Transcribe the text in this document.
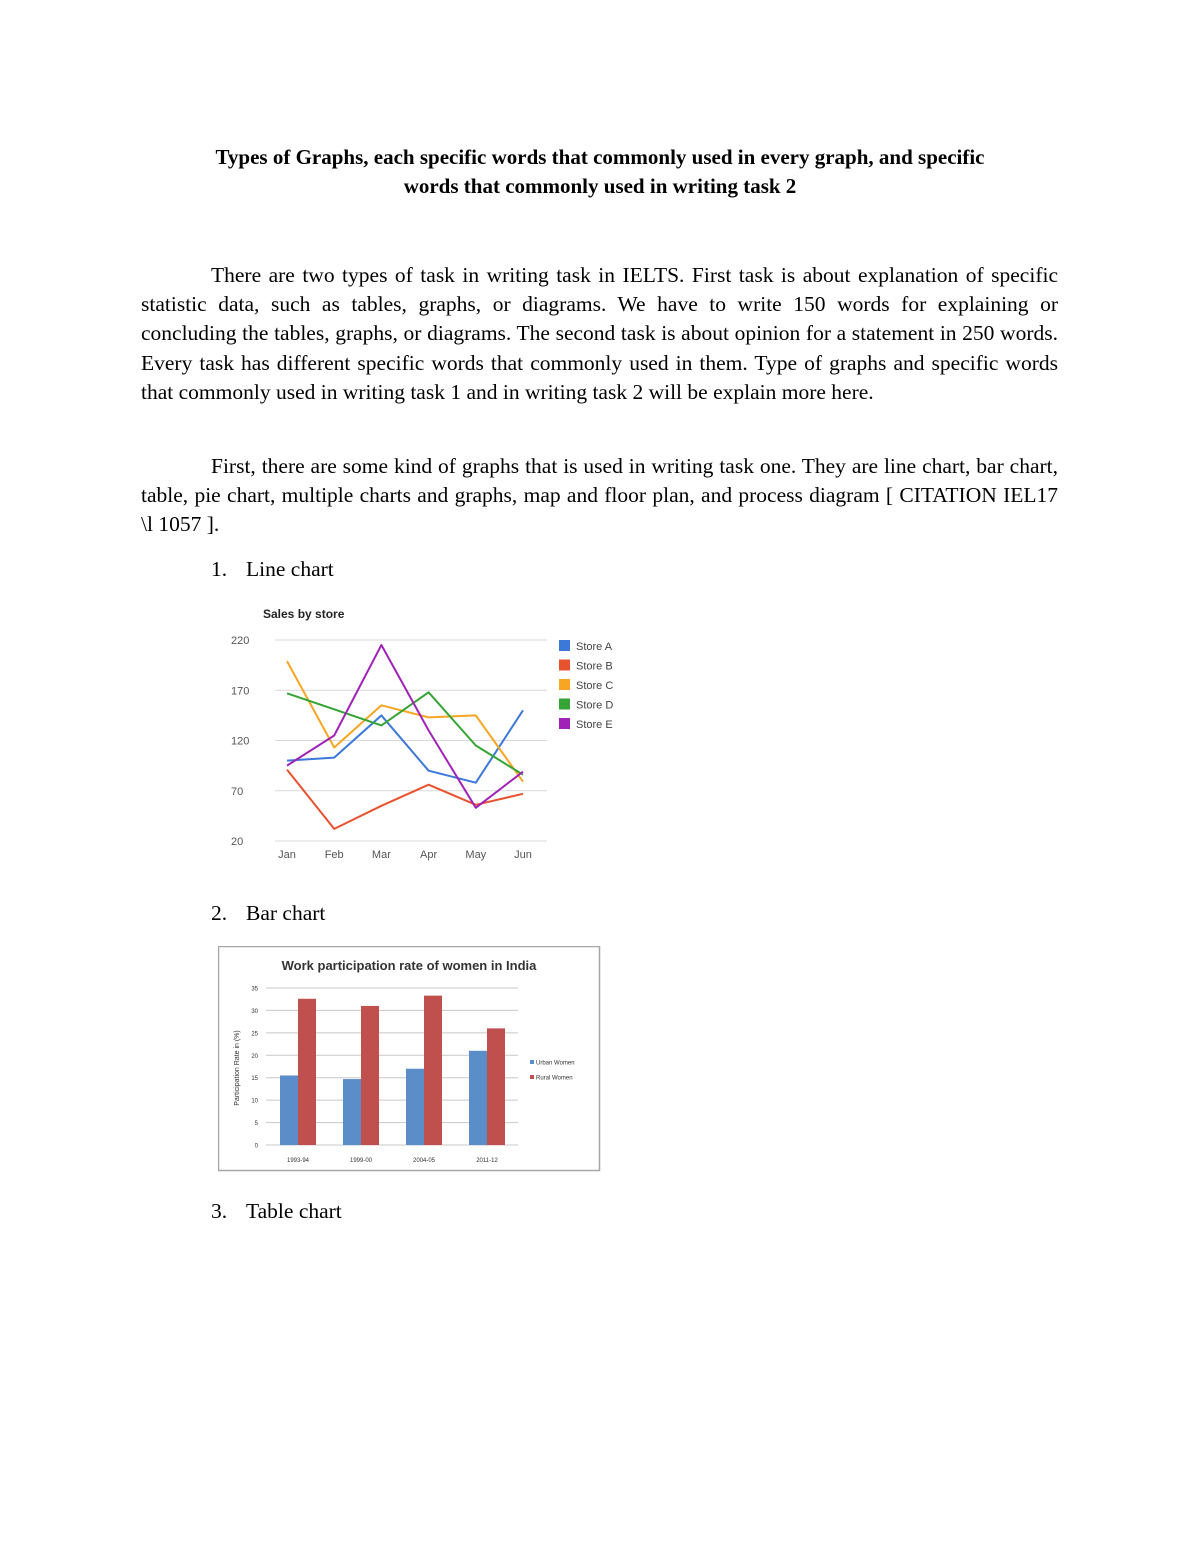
Types of Graphs, each specific words that commonly used in every graph, and specific
words that commonly used in writing task 2

There are two types of task in writing task in IELTS. First task is about explanation of specific statistic data, such as tables, graphs, or diagrams. We have to write 150 words for explaining or concluding the tables, graphs, or diagrams. The second task is about opinion for a statement in 250 words. Every task has different specific words that commonly used in them. Type of graphs and specific words that commonly used in writing task 1 and in writing task 2 will be explain more here.

First, there are some kind of graphs that is used in writing task one. They are line chart, bar chart, table, pie chart, multiple charts and graphs, map and floor plan, and process diagram [ CITATION IEL17 \l 1057 ].

1. Line chart
Sales by store
20
70
120
170
220
Jan	Feb	Mar	Apr	May	Jun
Store A
Store B
Store C
Store D
Store E
2. Bar chart
Work participation rate of women in India
Participation Rate in (%)
0
5
10
15
20
25
30
35
1993-94	1999-00	2004-05	2011-12
Urban Women
Rural Women
3. Table chart
